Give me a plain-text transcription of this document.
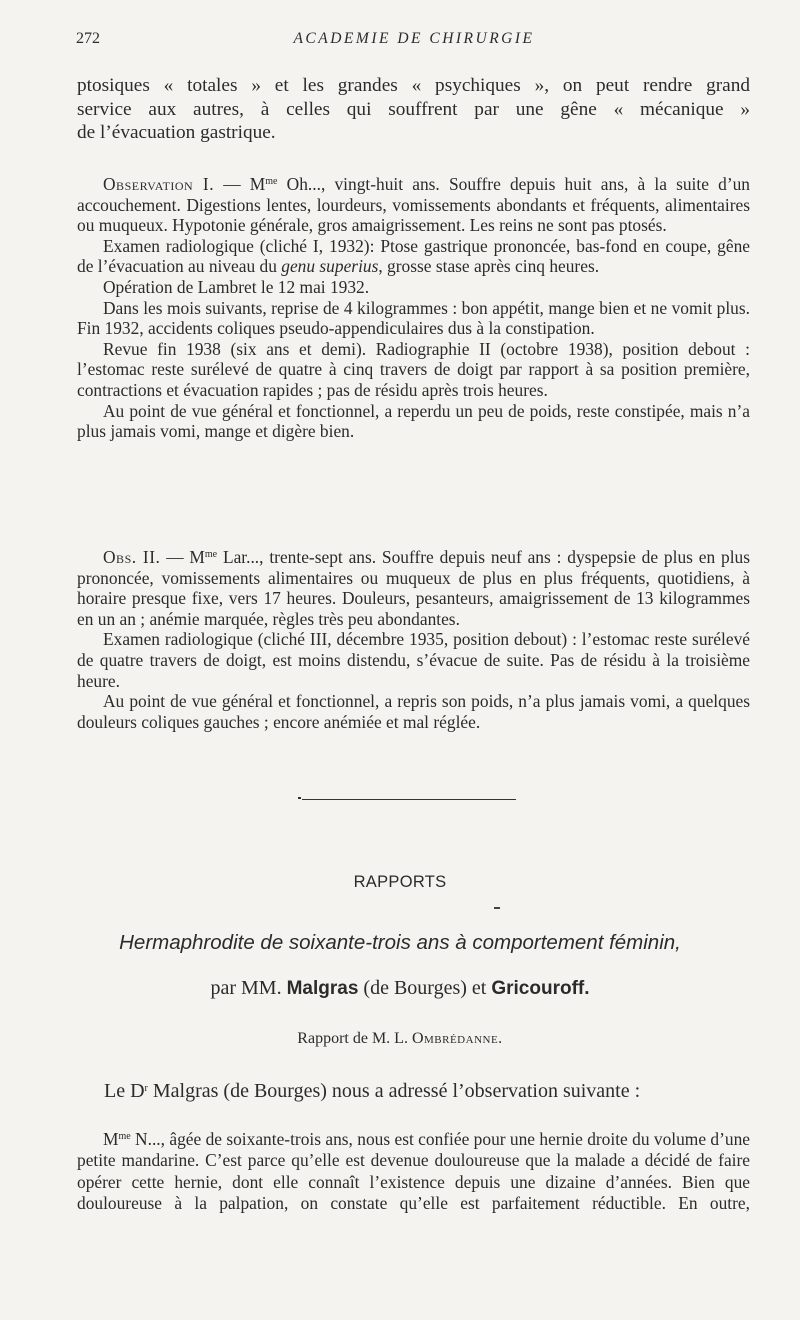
272	ACADEMIE DE CHIRURGIE

ptosiques « totales » et les grandes « psychiques », on peut rendre grand

service aux autres, à celles qui souffrent par une gêne « mécanique »

de l’évacuation gastrique.

Observation I. — $M^{me}$ Oh..., vingt-huit ans. Souffre depuis huit ans, à la suite d’un accouchement. Digestions lentes, lourdeurs, vomissements abondants et fréquents, alimentaires ou muqueux. Hypotonie générale, gros amaigrissement. Les reins ne sont pas ptosés.

Examen radiologique (cliché I, 1932): Ptose gastrique prononcée, bas-fond en coupe, gêne de l’évacuation au niveau du genu superius, grosse stase après cinq heures.

Opération de Lambret le 12 mai 1932.

Dans les mois suivants, reprise de 4 kilogrammes : bon appétit, mange bien et ne vomit plus. Fin 1932, accidents coliques pseudo-appendiculaires dus à la constipation.

Revue fin 1938 (six ans et demi). Radiographie II (octobre 1938), position debout : l’estomac reste surélevé de quatre à cinq travers de doigt par rapport à sa position première, contractions et évacuation rapides ; pas de résidu après trois heures.

Au point de vue général et fonctionnel, a reperdu un peu de poids, reste constipée, mais n’a plus jamais vomi, mange et digère bien.

Obs. II. — $M^{me}$ Lar..., trente-sept ans. Souffre depuis neuf ans : dyspepsie de plus en plus prononcée, vomissements alimentaires ou muqueux de plus en plus fréquents, quotidiens, à horaire presque fixe, vers 17 heures. Douleurs, pesanteurs, amaigrissement de 13 kilogrammes en un an ; anémie marquée, règles très peu abondantes.

Examen radiologique (cliché III, décembre 1935, position debout) : l’estomac reste surélevé de quatre travers de doigt, est moins distendu, s’évacue de suite. Pas de résidu à la troisième heure.

Au point de vue général et fonctionnel, a repris son poids, n’a plus jamais vomi, a quelques douleurs coliques gauches ; encore anémiée et mal réglée.

RAPPORTS
Hermaphrodite de soixante-trois ans à comportement féminin,
par MM. Malgras (de Bourges) et Gricouroff.
Rapport de M. L. Ombrédanne.
Le $D^r$ Malgras (de Bourges) nous a adressé l’observation suivante :

$M^{me}$ N..., âgée de soixante-trois ans, nous est confiée pour une hernie droite du volume d’une petite mandarine. C’est parce qu’elle est devenue douloureuse que la malade a décidé de faire opérer cette hernie, dont elle connaît l’existence depuis une dizaine d’années. Bien que douloureuse à la palpation, on constate qu’elle est parfaitement réductible. En outre,
